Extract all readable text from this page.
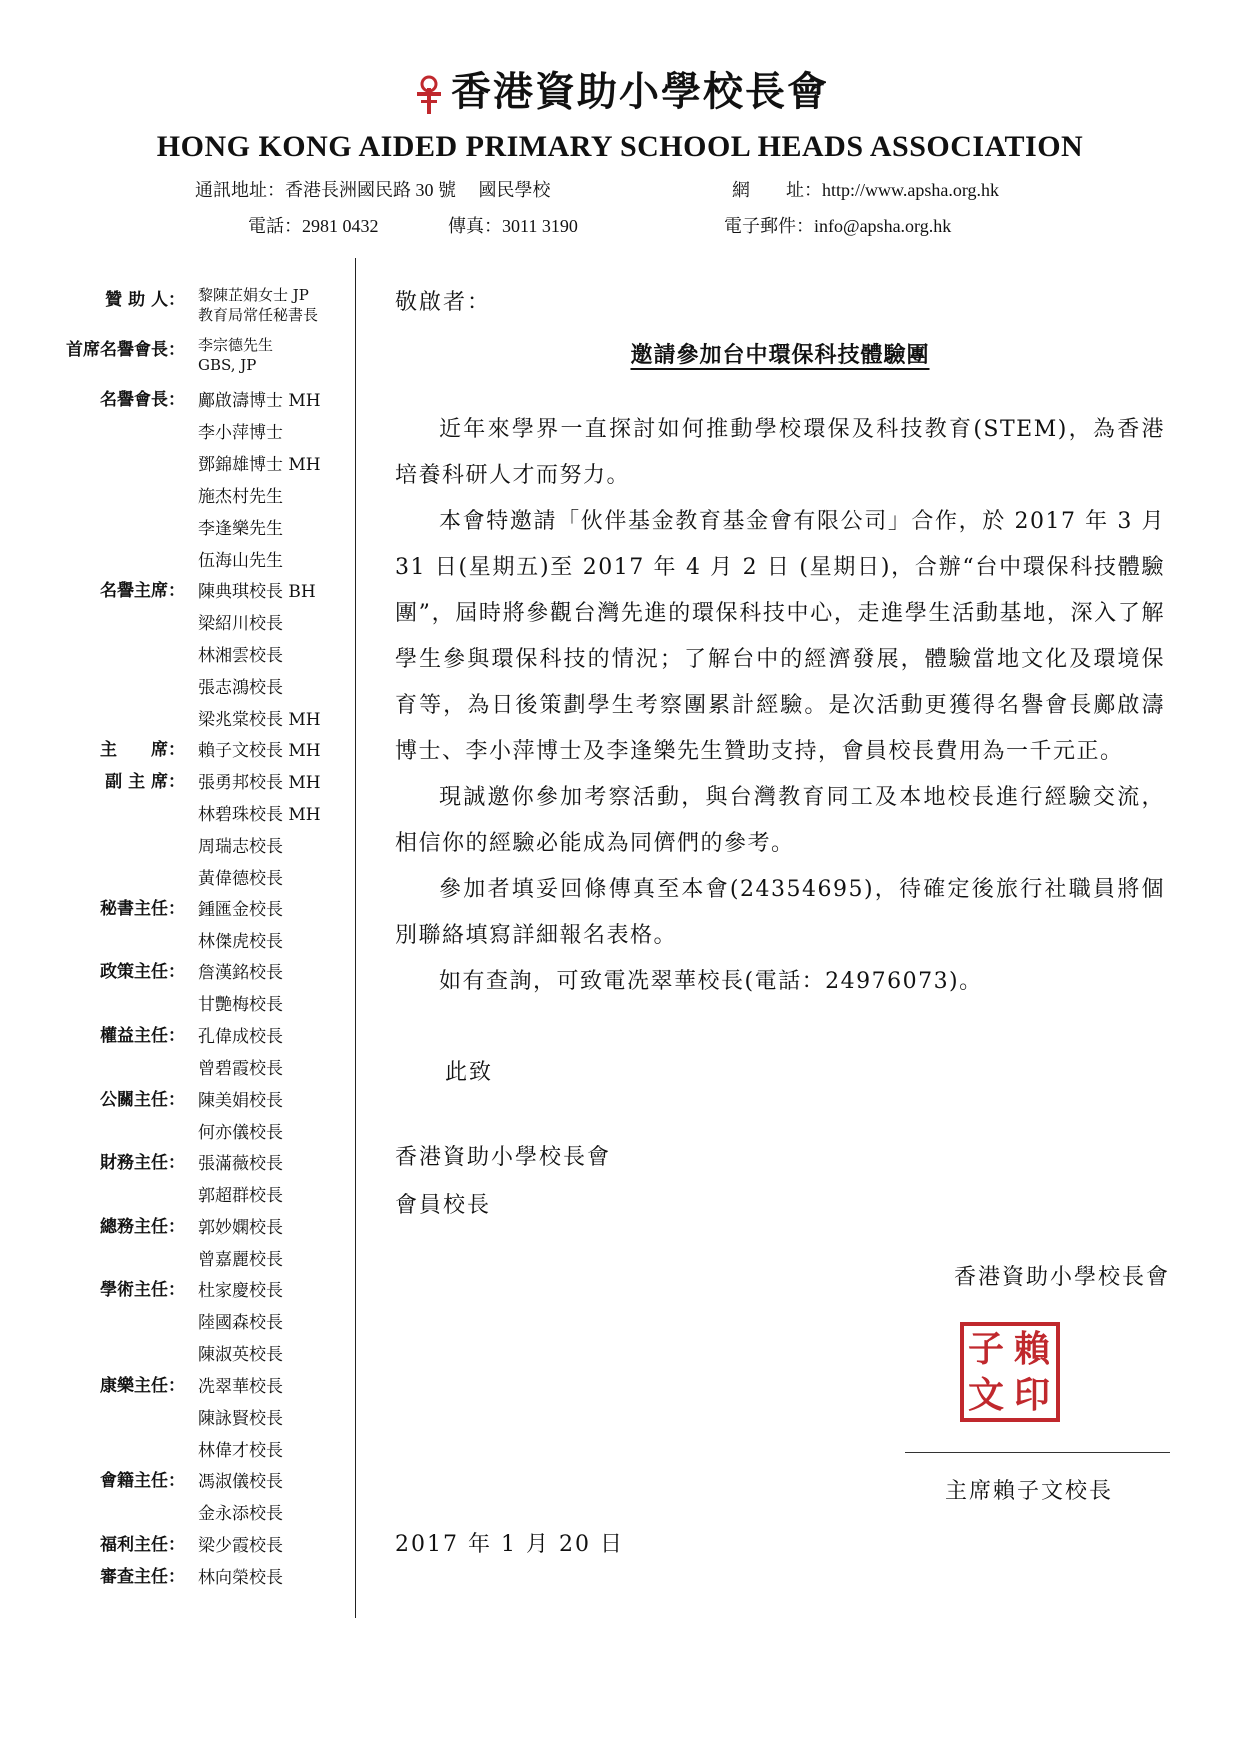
香港資助小學校長會
HONG KONG AIDED PRIMARY SCHOOL HEADS ASSOCIATION
通訊地址：香港長洲國民路 30 號　 國民學校	網　　址：http://www.apsha.org.hk
電話：2981 0432	傳真：3011 3190	電子郵件：info@apsha.org.hk
贊 助 人： 黎陳芷娟女士 JP
教育局常任秘書長
首席名譽會長： 李宗德先生
GBS, JP
名譽會長： 鄺啟濤博士 MH
李小萍博士
鄧錦雄博士 MH
施杰村先生
李逢樂先生
伍海山先生
名譽主席： 陳典琪校長 BH
梁紹川校長
林湘雲校長
張志鴻校長
梁兆棠校長 MH
主　　席： 賴子文校長 MH
副 主 席： 張勇邦校長 MH
林碧珠校長 MH
周瑞志校長
黃偉德校長
秘書主任： 鍾匯金校長
林傑虎校長
政策主任： 詹漢銘校長
甘艷梅校長
權益主任： 孔偉成校長
曾碧霞校長
公關主任： 陳美娟校長
何亦儀校長
財務主任： 張滿薇校長
郭超群校長
總務主任： 郭妙嫻校長
曾嘉麗校長
學術主任： 杜家慶校長
陸國森校長
陳淑英校長
康樂主任： 冼翠華校長
陳詠賢校長
林偉才校長
會籍主任： 馮淑儀校長
金永添校長
福利主任： 梁少霞校長
審查主任： 林向榮校長
敬啟者：
邀請參加台中環保科技體驗團

近年來學界一直探討如何推動學校環保及科技教育(STEM)，為香港培養科研人才而努力。

本會特邀請「伙伴基金教育基金會有限公司」合作，於 2017 年 3 月 31 日(星期五)至 2017 年 4 月 2 日 (星期日)，合辦“台中環保科技體驗團”，屆時將參觀台灣先進的環保科技中心，走進學生活動基地，深入了解學生參與環保科技的情況；了解台中的經濟發展，體驗當地文化及環境保育等，為日後策劃學生考察團累計經驗。是次活動更獲得名譽會長鄺啟濤博士、李小萍博士及李逢樂先生贊助支持，會員校長費用為一千元正。

現誠邀你參加考察活動，與台灣教育同工及本地校長進行經驗交流，相信你的經驗必能成為同儕們的參考。

參加者填妥回條傳真至本會(24354695)，待確定後旅行社職員將個別聯絡填寫詳細報名表格。

如有查詢，可致電冼翠華校長(電話：24976073)。

此致
香港資助小學校長會
會員校長
香港資助小學校長會
子 賴
文 印
主席賴子文校長
2017 年 1 月 20 日
